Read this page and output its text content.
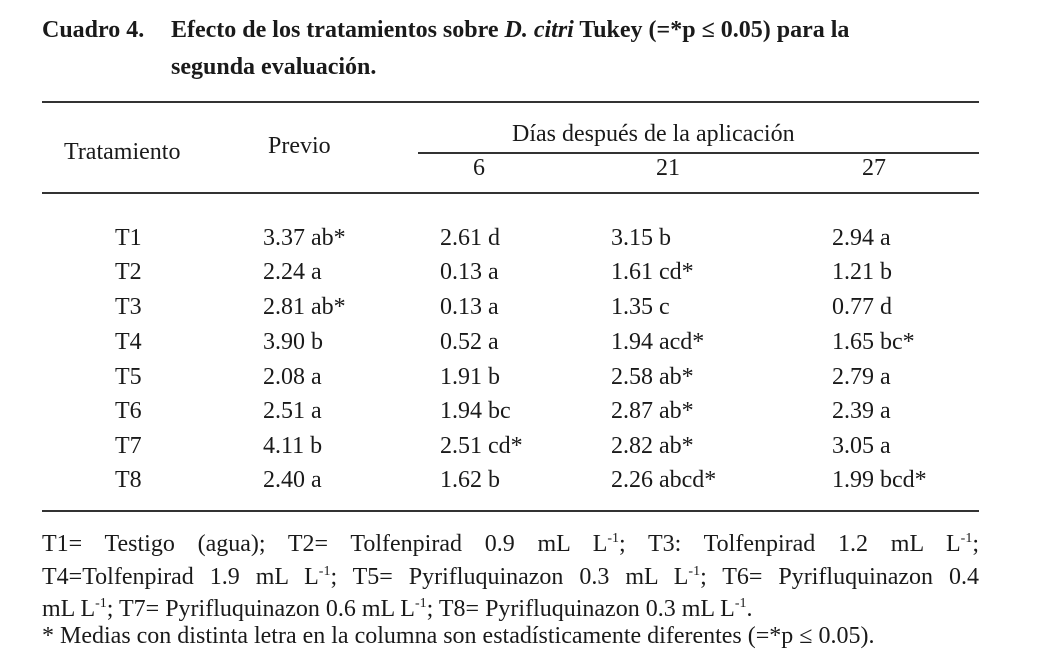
Cuadro 4. Efecto de los tratamientos sobre D. citri Tukey (=*p ≤ 0.05) para la
segunda evaluación.
Tratamiento	Previo	Días después de la aplicación
6	21	27
T1	3.37 ab*	2.61 d	3.15 b	2.94 a
T2	2.24 a	0.13 a	1.61 cd*	1.21 b
T3	2.81 ab*	0.13 a	1.35 c	0.77 d
T4	3.90 b	0.52 a	1.94 acd*	1.65 bc*
T5	2.08 a	1.91 b	2.58 ab*	2.79 a
T6	2.51 a	1.94 bc	2.87 ab*	2.39 a
T7	4.11 b	2.51 cd*	2.82 ab*	3.05 a
T8	2.40 a	1.62 b	2.26 abcd*	1.99 bcd*
T1= Testigo (agua); T2= Tolfenpirad 0.9 mL $L^{-1}$; T3: Tolfenpirad 1.2 mL $L^{-1}$;
T4=Tolfenpirad 1.9 mL $L^{-1}$; T5= Pyrifluquinazon 0.3 mL $L^{-1}$; T6= Pyrifluquinazon 0.4
mL $L^{-1}$; T7= Pyrifluquinazon 0.6 mL $L^{-1}$; T8= Pyrifluquinazon 0.3 mL $L^{-1}$.
* Medias con distinta letra en la columna son estadísticamente diferentes (=*p ≤ 0.05).
